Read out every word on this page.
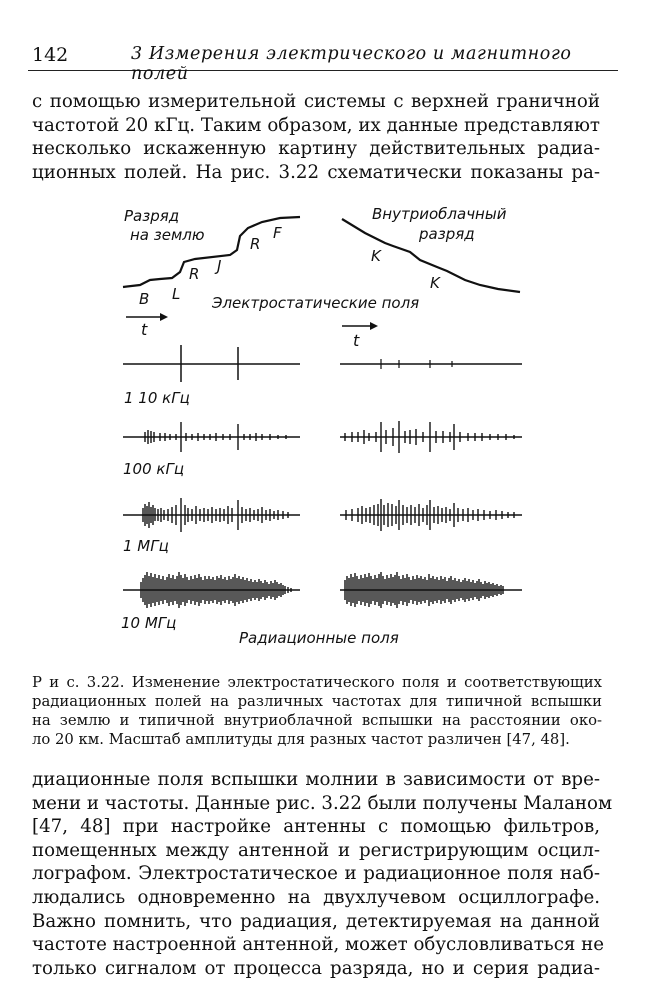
142	3 Измерения электрического и магнитного полей
с помощью измерительной системы с верхней граничной
частотой 20 кГц. Таким образом, их данные представляют
несколько искаженную картину действительных радиа-
ционных полей. На рис. 3.22 схематически показаны ра-
Разряд
на землю
Внутриоблачный
разряд
B L
R J
R
F
K
K
Электростатические поля
t
t
1 10 кГц
100 кГц
1 МГц
10 МГц
Радиационные поля
Р и с. 3.22. Изменение электростатического поля и соответствующих
радиационных полей на различных частотах для типичной вспышки
на землю и типичной внутриоблачной вспышки на расстоянии око-
ло 20 км. Масштаб амплитуды для разных частот различен [47, 48].
диационные поля вспышки молнии в зависимости от вре-
мени и частоты. Данные рис. 3.22 были получены Маланом
[47, 48] при настройке антенны с помощью фильтров,
помещенных между антенной и регистрирующим осцил-
лографом. Электростатическое и радиационное поля наб-
людались одновременно на двухлучевом осциллографе.
Важно помнить, что радиация, детектируемая на данной
частоте настроенной антенной, может обусловливаться не
только сигналом от процесса разряда, но и серия радиа-
